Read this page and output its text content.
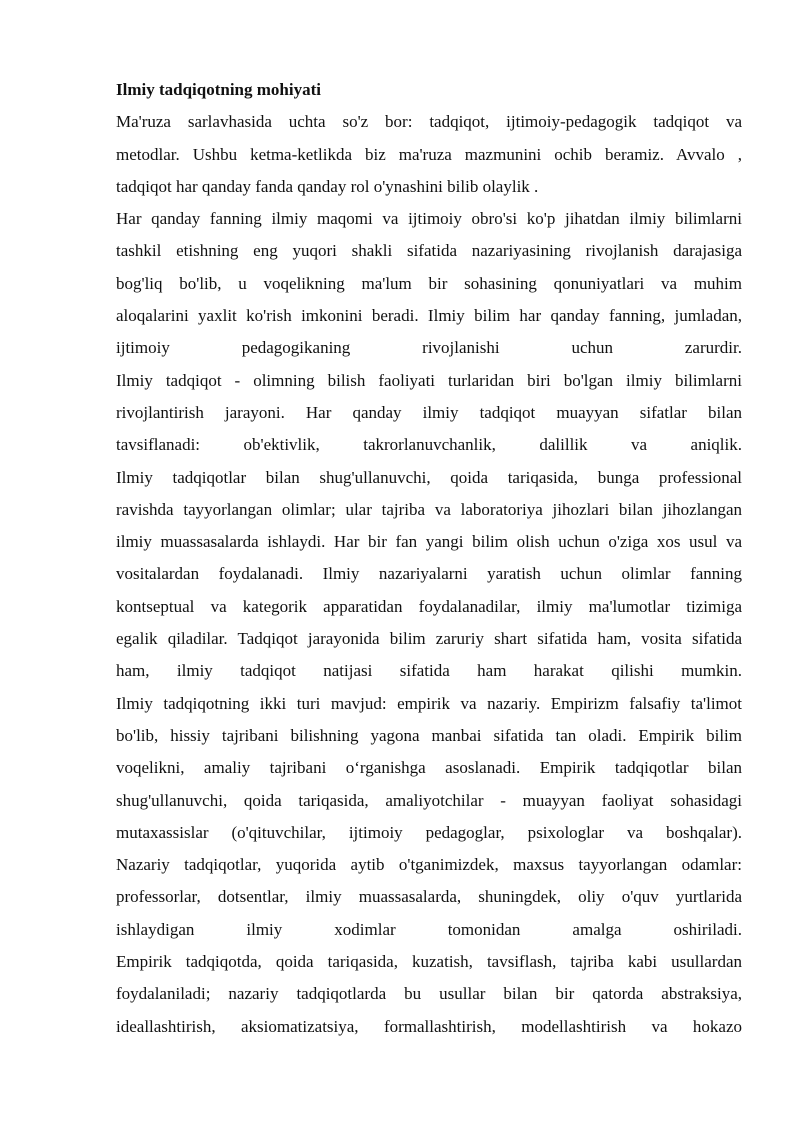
Ilmiy tadqiqotning mohiyati

Ma'ruza sarlavhasida uchta so'z bor: tadqiqot, ijtimoiy-pedagogik tadqiqot va

metodlar. Ushbu ketma-ketlikda biz ma'ruza mazmunini ochib beramiz. Avvalo ,

tadqiqot har qanday fanda qanday rol o'ynashini bilib olaylik .

Har qanday fanning ilmiy maqomi va ijtimoiy obro'si ko'p jihatdan ilmiy bilimlarni

tashkil etishning eng yuqori shakli sifatida nazariyasining rivojlanish darajasiga

bog'liq bo'lib, u voqelikning ma'lum bir sohasining qonuniyatlari va muhim

aloqalarini yaxlit ko'rish imkonini beradi. Ilmiy bilim har qanday fanning, jumladan,

ijtimoiy pedagogikaning rivojlanishi uchun zarurdir.

Ilmiy tadqiqot - olimning bilish faoliyati turlaridan biri bo'lgan ilmiy bilimlarni

rivojlantirish jarayoni. Har qanday ilmiy tadqiqot muayyan sifatlar bilan

tavsiflanadi: ob'ektivlik, takrorlanuvchanlik, dalillik va aniqlik.

Ilmiy tadqiqotlar bilan shug'ullanuvchi, qoida tariqasida, bunga professional

ravishda tayyorlangan olimlar; ular tajriba va laboratoriya jihozlari bilan jihozlangan

ilmiy muassasalarda ishlaydi. Har bir fan yangi bilim olish uchun o'ziga xos usul va

vositalardan foydalanadi. Ilmiy nazariyalarni yaratish uchun olimlar fanning

kontseptual va kategorik apparatidan foydalanadilar, ilmiy ma'lumotlar tizimiga

egalik qiladilar. Tadqiqot jarayonida bilim zaruriy shart sifatida ham, vosita sifatida

ham, ilmiy tadqiqot natijasi sifatida ham harakat qilishi mumkin.

Ilmiy tadqiqotning ikki turi mavjud: empirik va nazariy. Empirizm falsafiy ta'limot

bo'lib, hissiy tajribani bilishning yagona manbai sifatida tan oladi. Empirik bilim

voqelikni, amaliy tajribani o‘rganishga asoslanadi. Empirik tadqiqotlar bilan

shug'ullanuvchi, qoida tariqasida, amaliyotchilar - muayyan faoliyat sohasidagi

mutaxassislar (o'qituvchilar, ijtimoiy pedagoglar, psixologlar va boshqalar).

Nazariy tadqiqotlar, yuqorida aytib o'tganimizdek, maxsus tayyorlangan odamlar:

professorlar, dotsentlar, ilmiy muassasalarda, shuningdek, oliy o'quv yurtlarida

ishlaydigan ilmiy xodimlar tomonidan amalga oshiriladi.

Empirik tadqiqotda, qoida tariqasida, kuzatish, tavsiflash, tajriba kabi usullardan

foydalaniladi; nazariy tadqiqotlarda bu usullar bilan bir qatorda abstraksiya,

ideallashtirish, aksiomatizatsiya, formallashtirish, modellashtirish va hokazo
